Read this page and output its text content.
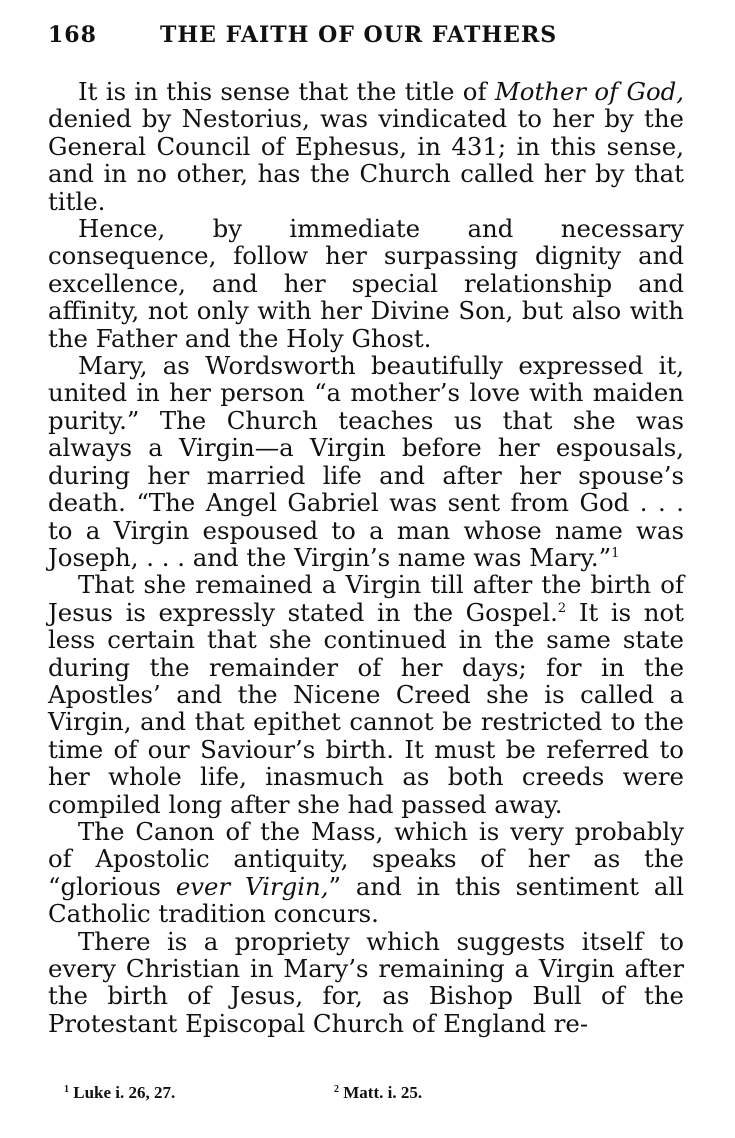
168	THE FAITH OF OUR FATHERS

It is in this sense that the title of Mother of God, denied by Nestorius, was vindicated to her by the General Council of Ephesus, in 431; in this sense, and in no other, has the Church called her by that title.

Hence, by immediate and necessary consequence, follow her surpassing dignity and excellence, and her special relationship and affinity, not only with her Divine Son, but also with the Father and the Holy Ghost.

Mary, as Wordsworth beautifully expressed it, united in her person “a mother’s love with maiden purity.” The Church teaches us that she was always a Virgin—a Virgin before her espousals, during her married life and after her spouse’s death. “The Angel Gabriel was sent from God . . . to a Virgin espoused to a man whose name was Joseph, . . . and the Virgin’s name was Mary.”$^1$

That she remained a Virgin till after the birth of Jesus is expressly stated in the Gospel.$^2$ It is not less certain that she continued in the same state during the remainder of her days; for in the Apostles’ and the Nicene Creed she is called a Virgin, and that epithet cannot be restricted to the time of our Saviour’s birth. It must be referred to her whole life, inasmuch as both creeds were compiled long after she had passed away.

The Canon of the Mass, which is very probably of Apostolic antiquity, speaks of her as the “glorious ever Virgin,” and in this sentiment all Catholic tradition concurs.

There is a propriety which suggests itself to every Christian in Mary’s remaining a Virgin after the birth of Jesus, for, as Bishop Bull of the Protestant Episcopal Church of England re-

$^1$ Luke i. 26, 27.	$^2$ Matt. i. 25.
